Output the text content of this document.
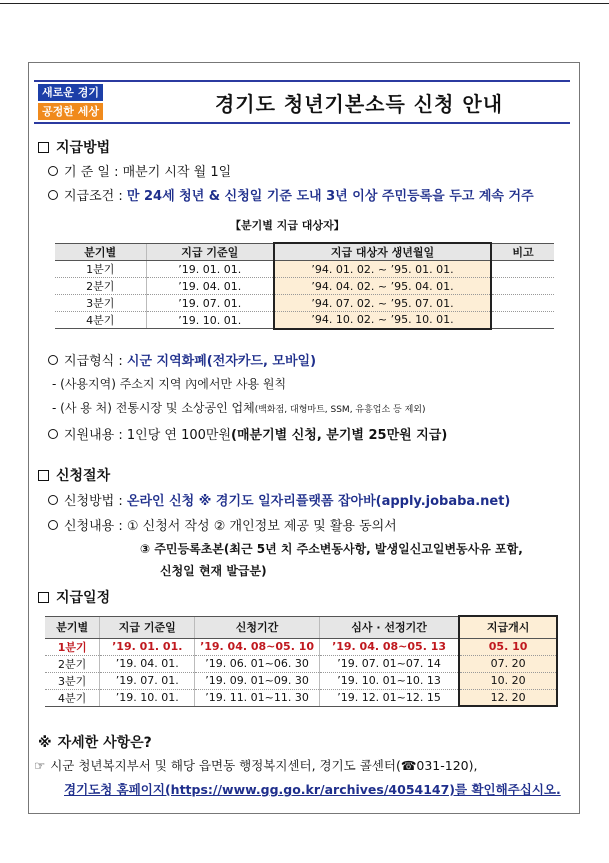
새로운 경기
공정한 세상	경기도 청년기본소득 신청 안내
지급방법
기 준 일 : 매분기 시작 월 1일
지급조건 : 만 24세 청년 & 신청일 기준 도내 3년 이상 주민등록을 두고 계속 거주
【분기별 지급 대상자】
분기별	지급 기준일	지급 대상자 생년월일	비고
1분기	’19. 01. 01.	’94. 01. 02. ~ ’95. 01. 01.	
2분기	’19. 04. 01.	’94. 04. 02. ~ ’95. 04. 01.	
3분기	’19. 07. 01.	’94. 07. 02. ~ ’95. 07. 01.	
4분기	’19. 10. 01.	’94. 10. 02. ~ ’95. 10. 01.	
지급형식 : 시군 지역화폐(전자카드, 모바일)
- (사용지역) 주소지 지역 內에서만 사용 원칙
- (사 용 처) 전통시장 및 소상공인 업체(백화점, 대형마트, SSM, 유흥업소 등 제외)
지원내용 : 1인당 연 100만원(매분기별 신청, 분기별 25만원 지급)
신청절차
신청방법 : 온라인 신청 ※ 경기도 일자리플랫폼 잡아바(apply.jobaba.net)
신청내용 : ① 신청서 작성 ② 개인정보 제공 및 활용 동의서
③ 주민등록초본(최근 5년 치 주소변동사항, 발생일신고일변동사유 포함,
신청일 현재 발급분)
지급일정
분기별	지급 기준일	신청기간	심사 · 선정기간	지급개시
1분기	’19. 01. 01.	’19. 04. 08~05. 10	’19. 04. 08~05. 13	05. 10
2분기	’19. 04. 01.	’19. 06. 01~06. 30	’19. 07. 01~07. 14	07. 20
3분기	’19. 07. 01.	’19. 09. 01~09. 30	’19. 10. 01~10. 13	10. 20
4분기	’19. 10. 01.	’19. 11. 01~11. 30	’19. 12. 01~12. 15	12. 20
※ 자세한 사항은?
☞ 시군 청년복지부서 및 해당 읍면동 행정복지센터, 경기도 콜센터(☎031-120),
경기도청 홈페이지(https://www.gg.go.kr/archives/4054147)를 확인해주십시오.
